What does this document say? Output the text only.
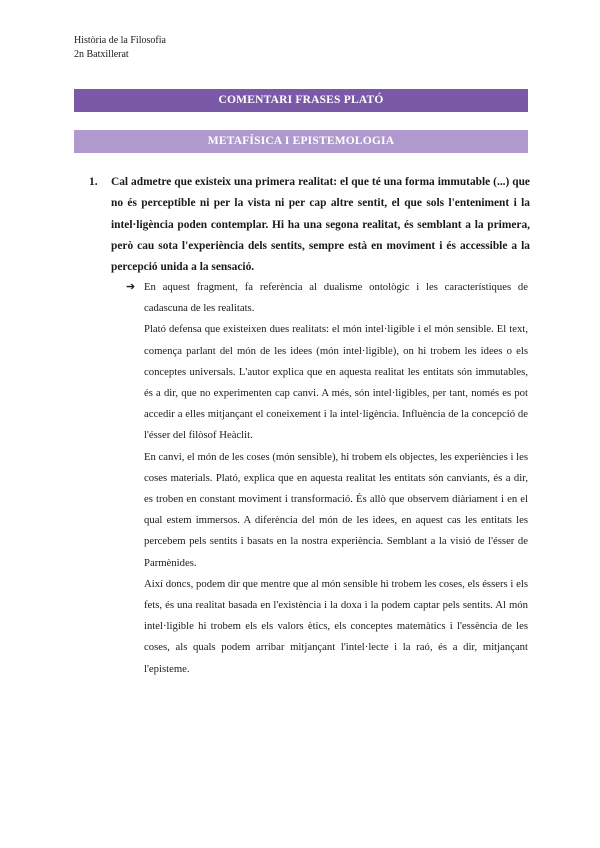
Història de la Filosofia
2n Batxillerat
COMENTARI FRASES PLATÓ
METAFÍSICA I EPISTEMOLOGIA
1. Cal admetre que existeix una primera realitat: el que té una forma immutable (...) que no és perceptible ni per la vista ni per cap altre sentit, el que sols l'enteniment i la intel·ligència poden contemplar. Hi ha una segona realitat, és semblant a la primera, però cau sota l'experiència dels sentits, sempre està en moviment i és accessible a la percepció unida a la sensació.
➔ En aquest fragment, fa referència al dualisme ontològic i les característiques de cadascuna de les realitats.

Plató defensa que existeixen dues realitats: el món intel·ligible i el món sensible. El text, comença parlant del món de les idees (món intel·ligible), on hi trobem les idees o els conceptes universals. L'autor explica que en aquesta realitat les entitats són immutables, és a dir, que no experimenten cap canvi. A més, són intel·ligibles, per tant, només es pot accedir a elles mitjançant el coneixement i la intel·ligència. Influència de la concepció de l'ésser del filòsof Heàclit.

En canvi, el món de les coses (món sensible), hi trobem els objectes, les experiències i les coses materials. Plató, explica que en aquesta realitat les entitats són canviants, és a dir, es troben en constant moviment i transformació. És allò que observem diàriament i en el qual estem immersos. A diferència del món de les idees, en aquest cas les entitats les percebem pels sentits i basats en la nostra experiència. Semblant a la visió de l'ésser de Parmènides.

Així doncs, podem dir que mentre que al món sensible hi trobem les coses, els éssers i els fets, és una realitat basada en l'existència i la doxa i la podem captar pels sentits. Al món intel·ligible hi trobem els els valors ètics, els conceptes matemàtics i l'essència de les coses, als quals podem arribar mitjançant l'intel·lecte i la raó, és a dir, mitjançant l'episteme.
